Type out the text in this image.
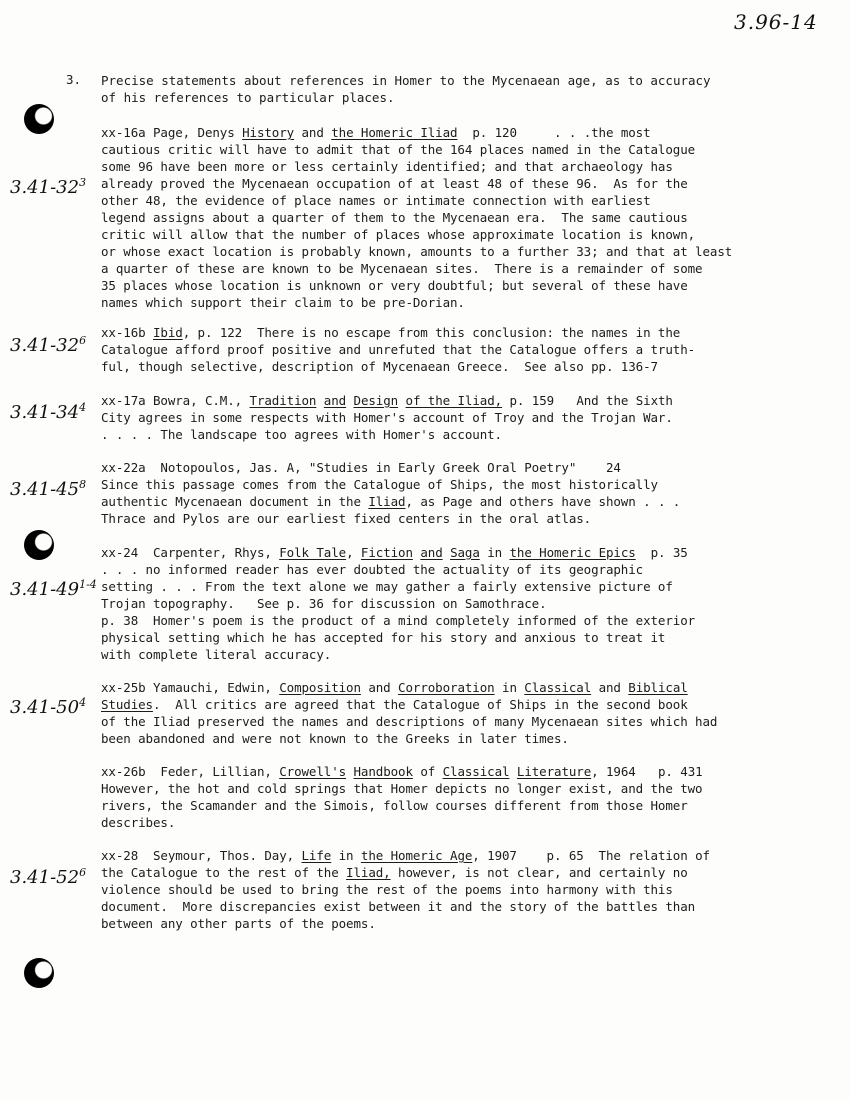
3.96-14
3. Precise statements about references in Homer to the Mycenaean age, as to accuracy
of his references to particular places.
xx-16a Page, Denys History and the Homeric Iliad  p. 120     . . .the most
cautious critic will have to admit that of the 164 places named in the Catalogue
some 96 have been more or less certainly identified; and that archaeology has
already proved the Mycenaean occupation of at least 48 of these 96.  As for the
other 48, the evidence of place names or intimate connection with earliest
legend assigns about a quarter of them to the Mycenaean era.  The same cautious
critic will allow that the number of places whose approximate location is known,
or whose exact location is probably known, amounts to a further 33; and that at least
a quarter of these are known to be Mycenaean sites.  There is a remainder of some
35 places whose location is unknown or very doubtful; but several of these have
names which support their claim to be pre-Dorian.
xx-16b Ibid, p. 122  There is no escape from this conclusion: the names in the
Catalogue afford proof positive and unrefuted that the Catalogue offers a truth-
ful, though selective, description of Mycenaean Greece.  See also pp. 136-7
xx-17a Bowra, C.M., Tradition and Design of the Iliad, p. 159   And the Sixth
City agrees in some respects with Homer's account of Troy and the Trojan War.
. . . . The landscape too agrees with Homer's account.
xx-22a  Notopoulos, Jas. A, "Studies in Early Greek Oral Poetry"    24
Since this passage comes from the Catalogue of Ships, the most historically
authentic Mycenaean document in the Iliad, as Page and others have shown . . .
Thrace and Pylos are our earliest fixed centers in the oral atlas.
xx-24  Carpenter, Rhys, Folk Tale, Fiction and Saga in the Homeric Epics  p. 35
. . . no informed reader has ever doubted the actuality of its geographic
setting . . . From the text alone we may gather a fairly extensive picture of
Trojan topography.   See p. 36 for discussion on Samothrace.
p. 38  Homer's poem is the product of a mind completely informed of the exterior
physical setting which he has accepted for his story and anxious to treat it
with complete literal accuracy.
xx-25b Yamauchi, Edwin, Composition and Corroboration in Classical and Biblical
Studies.  All critics are agreed that the Catalogue of Ships in the second book
of the Iliad preserved the names and descriptions of many Mycenaean sites which had
been abandoned and were not known to the Greeks in later times.
xx-26b  Feder, Lillian, Crowell's Handbook of Classical Literature, 1964   p. 431
However, the hot and cold springs that Homer depicts no longer exist, and the two
rivers, the Scamander and the Simois, follow courses different from those Homer
describes.
xx-28  Seymour, Thos. Day, Life in the Homeric Age, 1907    p. 65  The relation of
the Catalogue to the rest of the Iliad, however, is not clear, and certainly no
violence should be used to bring the rest of the poems into harmony with this
document.  More discrepancies exist between it and the story of the battles than
between any other parts of the poems.
$3.41-32^3$
$3.41-32^6$
$3.41-34^4$
$3.41-45^8$
3.41-49$^{1-4}$
$3.41-50^4$
$3.41-52^6$
